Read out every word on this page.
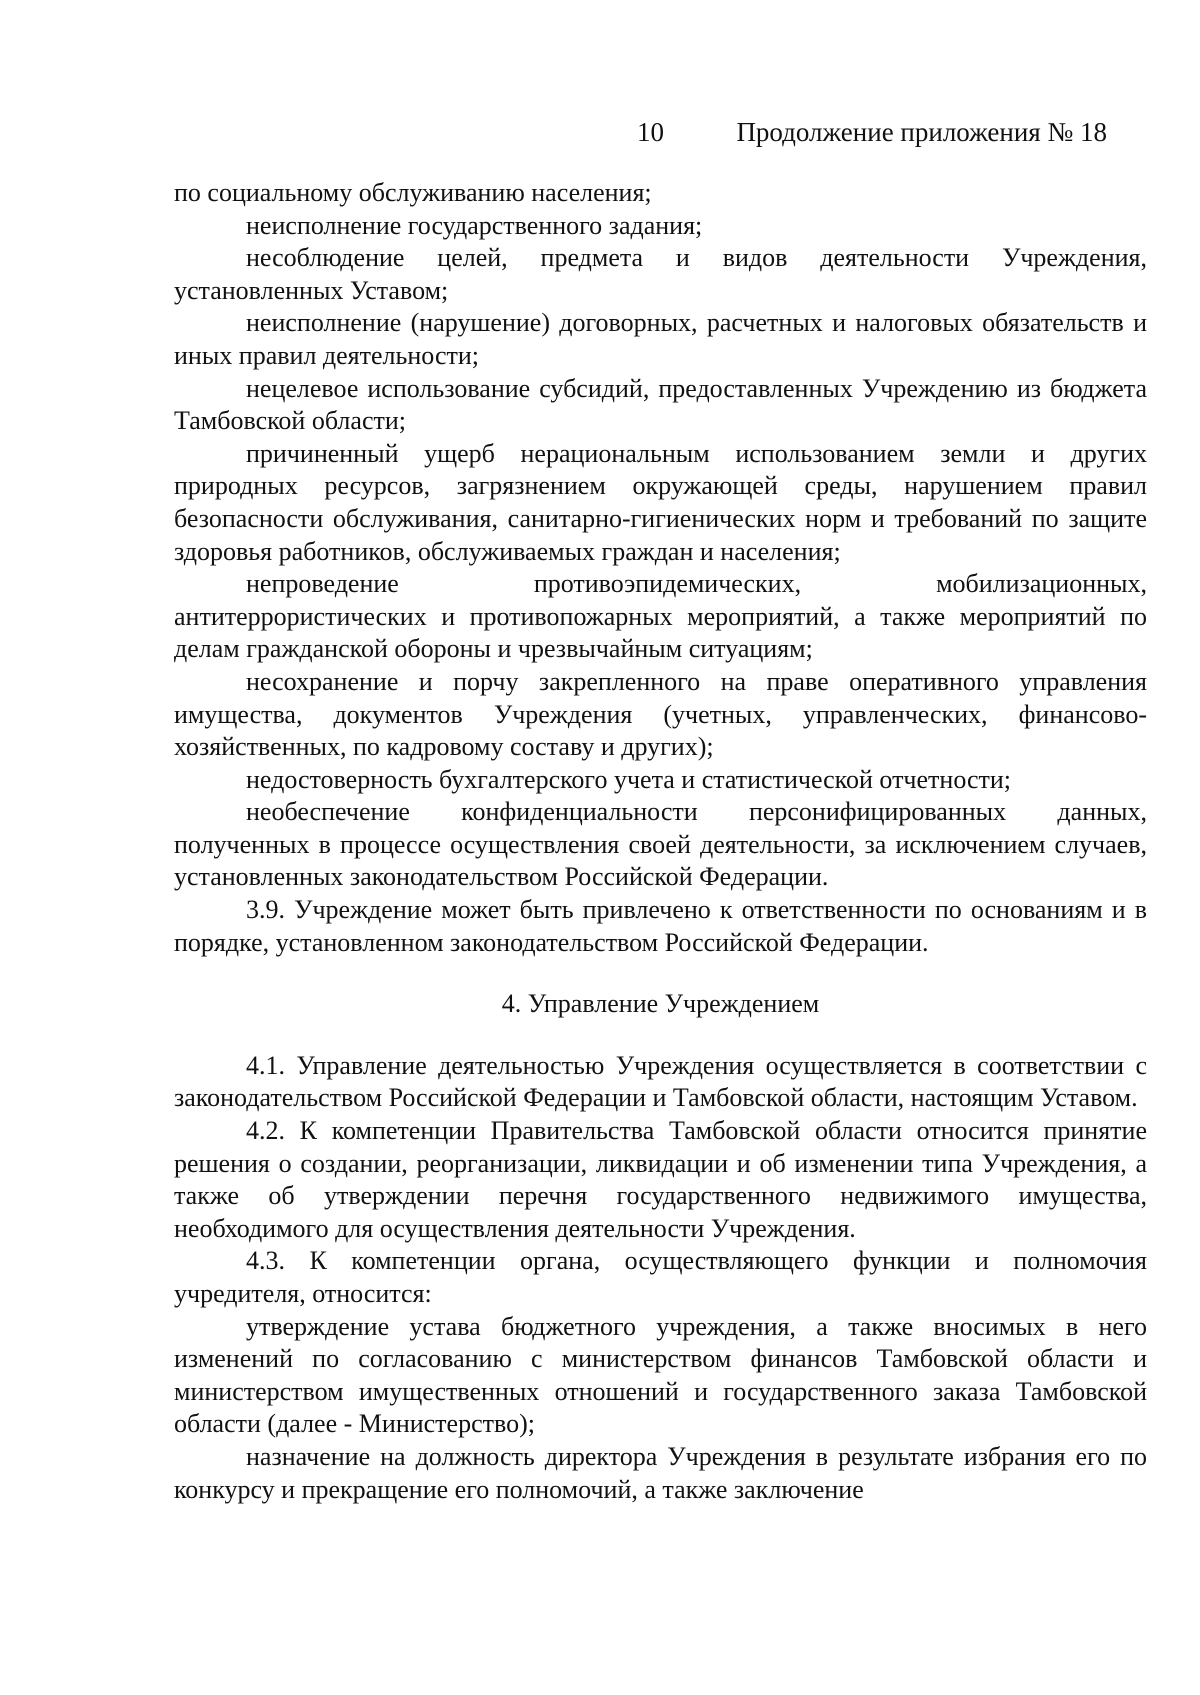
10	Продолжение приложения № 18

по социальному обслуживанию населения;

неисполнение государственного задания;

несоблюдение целей, предмета и видов деятельности Учреждения, установленных Уставом;

неисполнение (нарушение) договорных, расчетных и налоговых обязательств и иных правил деятельности;

нецелевое использование субсидий, предоставленных Учреждению из бюджета Тамбовской области;

причиненный ущерб нерациональным использованием земли и других природных ресурсов, загрязнением окружающей среды, нарушением правил безопасности обслуживания, санитарно-гигиенических норм и требований по защите здоровья работников, обслуживаемых граждан и населения;

непроведение противоэпидемических, мобилизационных, антитеррористических и противопожарных мероприятий, а также мероприятий по делам гражданской обороны и чрезвычайным ситуациям;

несохранение и порчу закрепленного на праве оперативного управления имущества, документов Учреждения (учетных, управленческих, финансово-хозяйственных, по кадровому составу и других);

недостоверность бухгалтерского учета и статистической отчетности;

необеспечение конфиденциальности персонифицированных данных, полученных в процессе осуществления своей деятельности, за исключением случаев, установленных законодательством Российской Федерации.

3.9. Учреждение может быть привлечено к ответственности по основаниям и в порядке, установленном законодательством Российской Федерации.

4. Управление Учреждением

4.1. Управление деятельностью Учреждения осуществляется в соответствии с законодательством Российской Федерации и Тамбовской области, настоящим Уставом.

4.2. К компетенции Правительства Тамбовской области относится принятие решения о создании, реорганизации, ликвидации и об изменении типа Учреждения, а также об утверждении перечня государственного недвижимого имущества, необходимого для осуществления деятельности Учреждения.

4.3. К компетенции органа, осуществляющего функции и полномочия учредителя, относится:

утверждение устава бюджетного учреждения, а также вносимых в него изменений по согласованию с министерством финансов Тамбовской области и министерством имущественных отношений и государственного заказа Тамбовской области (далее - Министерство);

назначение на должность директора Учреждения в результате избрания его по конкурсу и прекращение его полномочий, а также заключение
